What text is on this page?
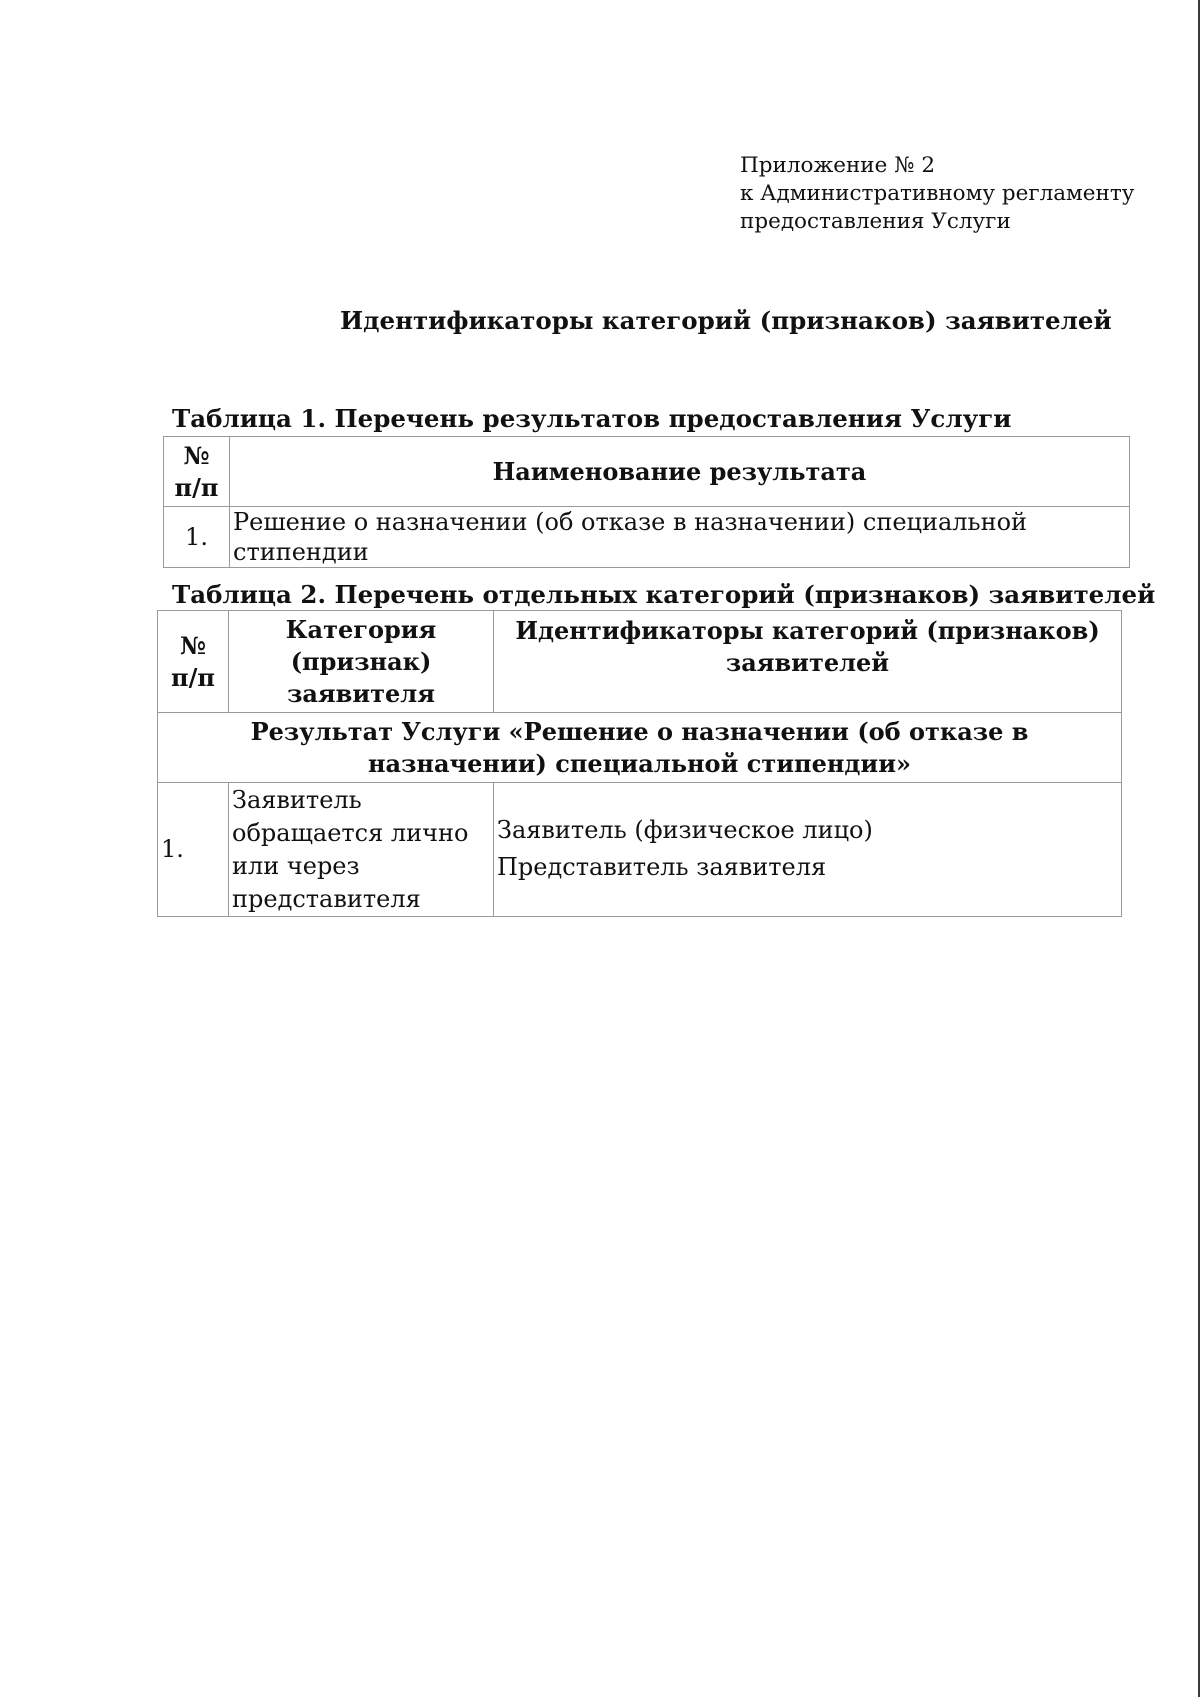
Приложение № 2
к Административному регламенту
предоставления Услуги
Идентификаторы категорий (признаков) заявителей
Таблица 1. Перечень результатов предоставления Услуги
№
п/п	Наименование результата
1.	Решение о назначении (об отказе в назначении) специальной стипендии
Таблица 2. Перечень отдельных категорий (признаков) заявителей
№
п/п	Категория (признак) заявителя	Идентификаторы категорий (признаков) заявителей
Результат Услуги «Решение о назначении (об отказе в назначении) специальной стипендии»		
1.	Заявитель обращается лично или через представителя	Заявитель (физическое лицо)
Представитель заявителя
